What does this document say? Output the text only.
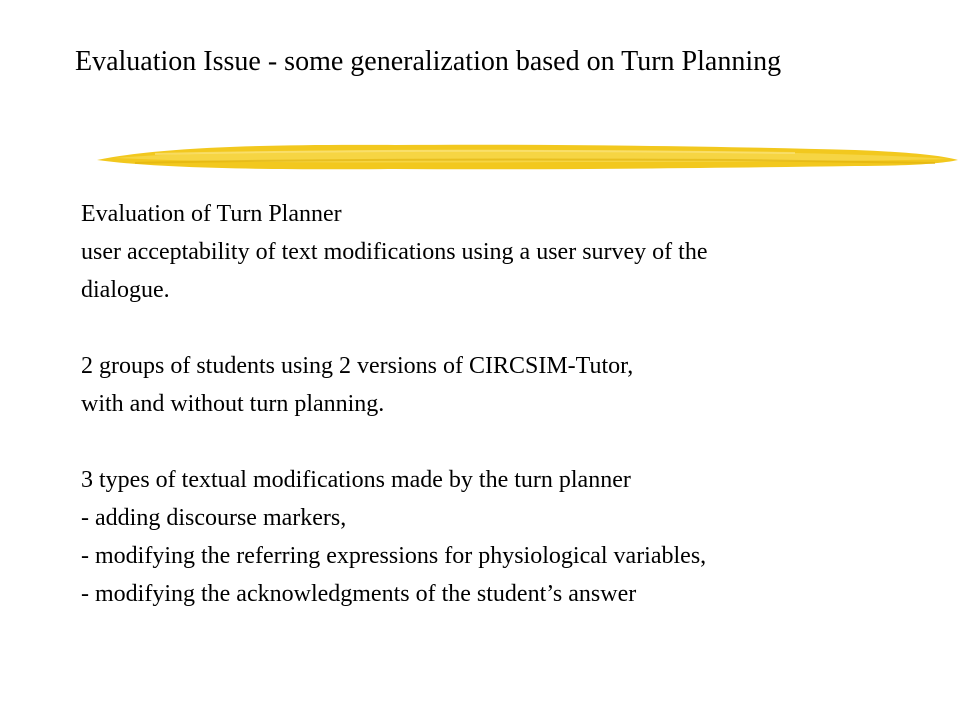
Evaluation Issue - some generalization based on Turn Planning
Evaluation of Turn Planner
user acceptability of text modifications using a user survey of the
dialogue.
2 groups of students using 2 versions of CIRCSIM-Tutor,
with and without turn planning.
3 types of textual modifications made by the turn planner
- adding discourse markers,
- modifying the referring expressions for physiological variables,
- modifying the acknowledgments of the student’s answer
